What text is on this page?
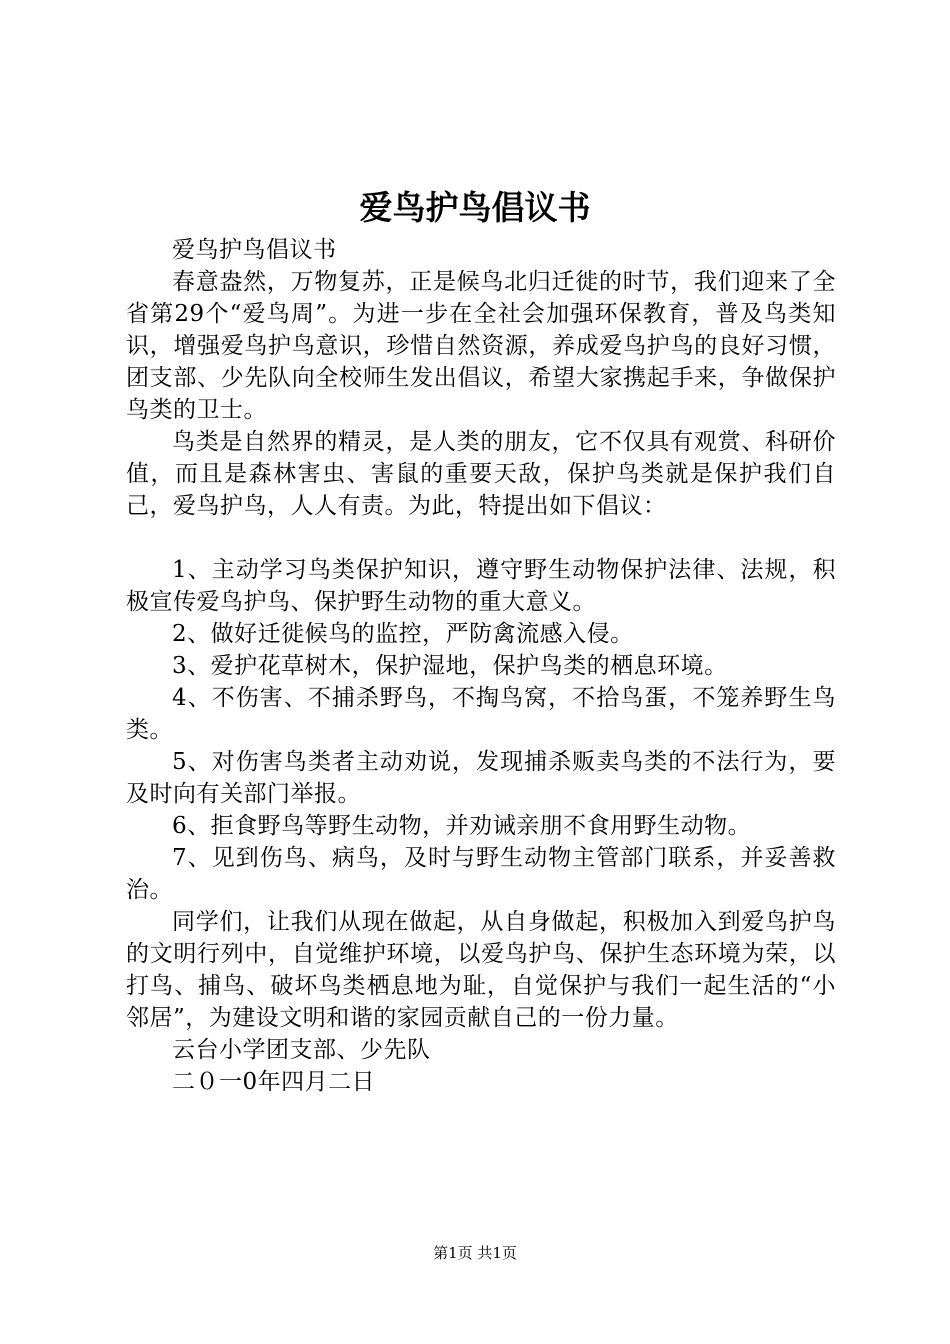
爱鸟护鸟倡议书

爱鸟护鸟倡议书

春意盎然，万物复苏，正是候鸟北归迁徙的时节，我们迎来了全省第29个“爱鸟周”。为进一步在全社会加强环保教育，普及鸟类知识，增强爱鸟护鸟意识，珍惜自然资源，养成爱鸟护鸟的良好习惯，团支部、少先队向全校师生发出倡议，希望大家携起手来，争做保护鸟类的卫士。

鸟类是自然界的精灵，是人类的朋友，它不仅具有观赏、科研价值，而且是森林害虫、害鼠的重要天敌，保护鸟类就是保护我们自己，爱鸟护鸟，人人有责。为此，特提出如下倡议：

1、主动学习鸟类保护知识，遵守野生动物保护法律、法规，积极宣传爱鸟护鸟、保护野生动物的重大意义。

2、做好迁徙候鸟的监控，严防禽流感入侵。

3、爱护花草树木，保护湿地，保护鸟类的栖息环境。

4、不伤害、不捕杀野鸟，不掏鸟窝，不拾鸟蛋，不笼养野生鸟类。

5、对伤害鸟类者主动劝说，发现捕杀贩卖鸟类的不法行为，要及时向有关部门举报。

6、拒食野鸟等野生动物，并劝诫亲朋不食用野生动物。

7、见到伤鸟、病鸟，及时与野生动物主管部门联系，并妥善救治。

同学们，让我们从现在做起，从自身做起，积极加入到爱鸟护鸟的文明行列中，自觉维护环境，以爱鸟护鸟、保护生态环境为荣，以打鸟、捕鸟、破坏鸟类栖息地为耻，自觉保护与我们一起生活的“小邻居”，为建设文明和谐的家园贡献自己的一份力量。

云台小学团支部、少先队

二０一0年四月二日

第1页 共1页
